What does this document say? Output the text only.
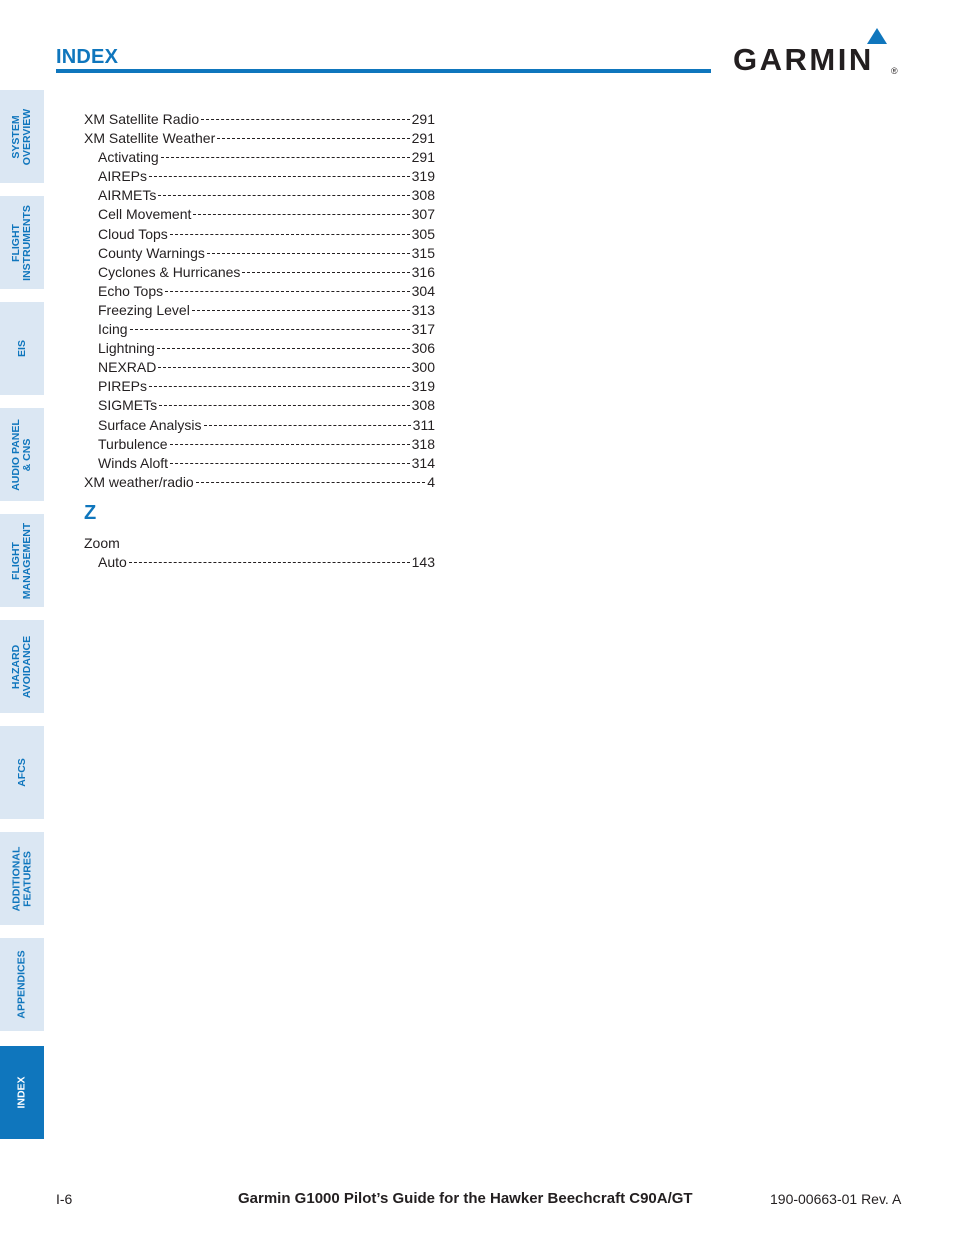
INDEX	GARMIN ®
SYSTEM
OVERVIEW
FLIGHT
INSTRUMENTS
EIS
AUDIO PANEL
& CNS
FLIGHT
MANAGEMENT
HAZARD
AVOIDANCE
AFCS
ADDITIONAL
FEATURES
APPENDICES
INDEX
XM Satellite Radio	291
XM Satellite Weather	291
Activating	291
AIREPs	319
AIRMETs	308
Cell Movement	307
Cloud Tops	305
County Warnings	315
Cyclones & Hurricanes	316
Echo Tops	304
Freezing Level	313
Icing	317
Lightning	306
NEXRAD	300
PIREPs	319
SIGMETs	308
Surface Analysis	311
Turbulence	318
Winds Aloft	314
XM weather/radio	4
Z
Zoom
Auto	143
I-6	Garmin G1000 Pilot’s Guide for the Hawker Beechcraft C90A/GT	190-00663-01 Rev. A
